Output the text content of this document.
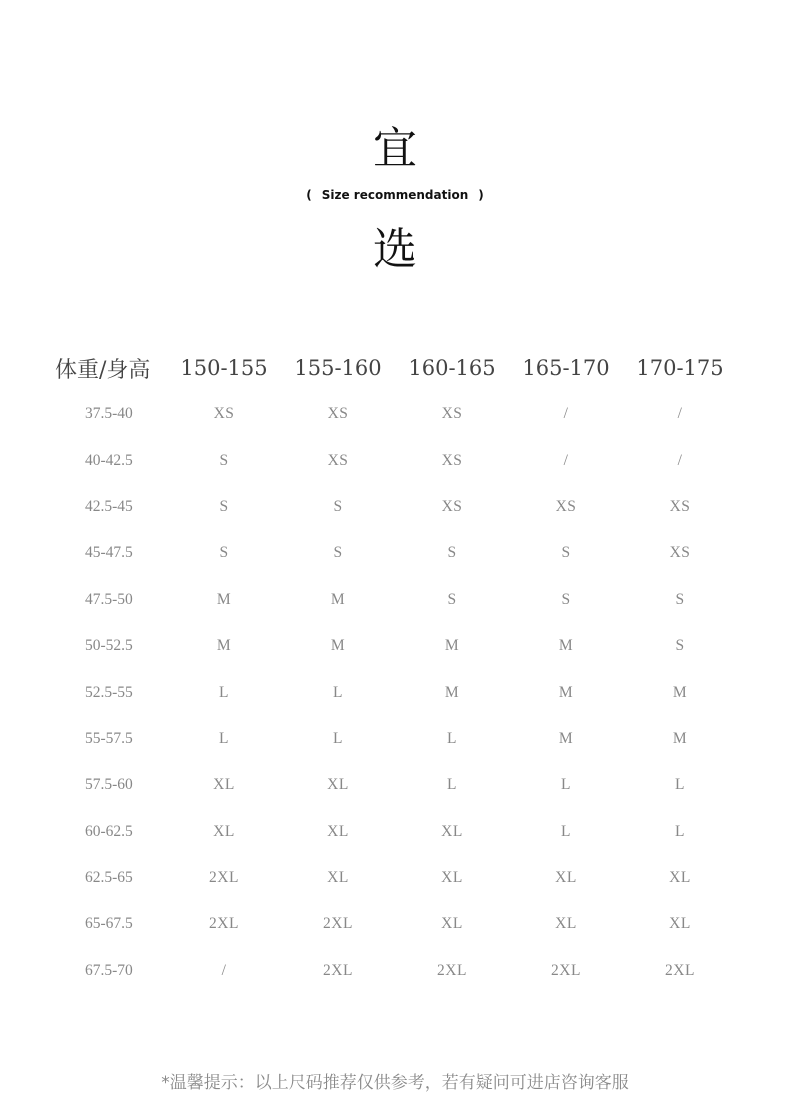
宜
( Size recommendation )
选
体重/身高	150-155	155-160	160-165	165-170	170-175
37.5-40	XS	XS	XS	/	/
40-42.5	S	XS	XS	/	/
42.5-45	S	S	XS	XS	XS
45-47.5	S	S	S	S	XS
47.5-50	M	M	S	S	S
50-52.5	M	M	M	M	S
52.5-55	L	L	M	M	M
55-57.5	L	L	L	M	M
57.5-60	XL	XL	L	L	L
60-62.5	XL	XL	XL	L	L
62.5-65	2XL	XL	XL	XL	XL
65-67.5	2XL	2XL	XL	XL	XL
67.5-70	/	2XL	2XL	2XL	2XL
*温馨提示：以上尺码推荐仅供参考，若有疑问可进店咨询客服
